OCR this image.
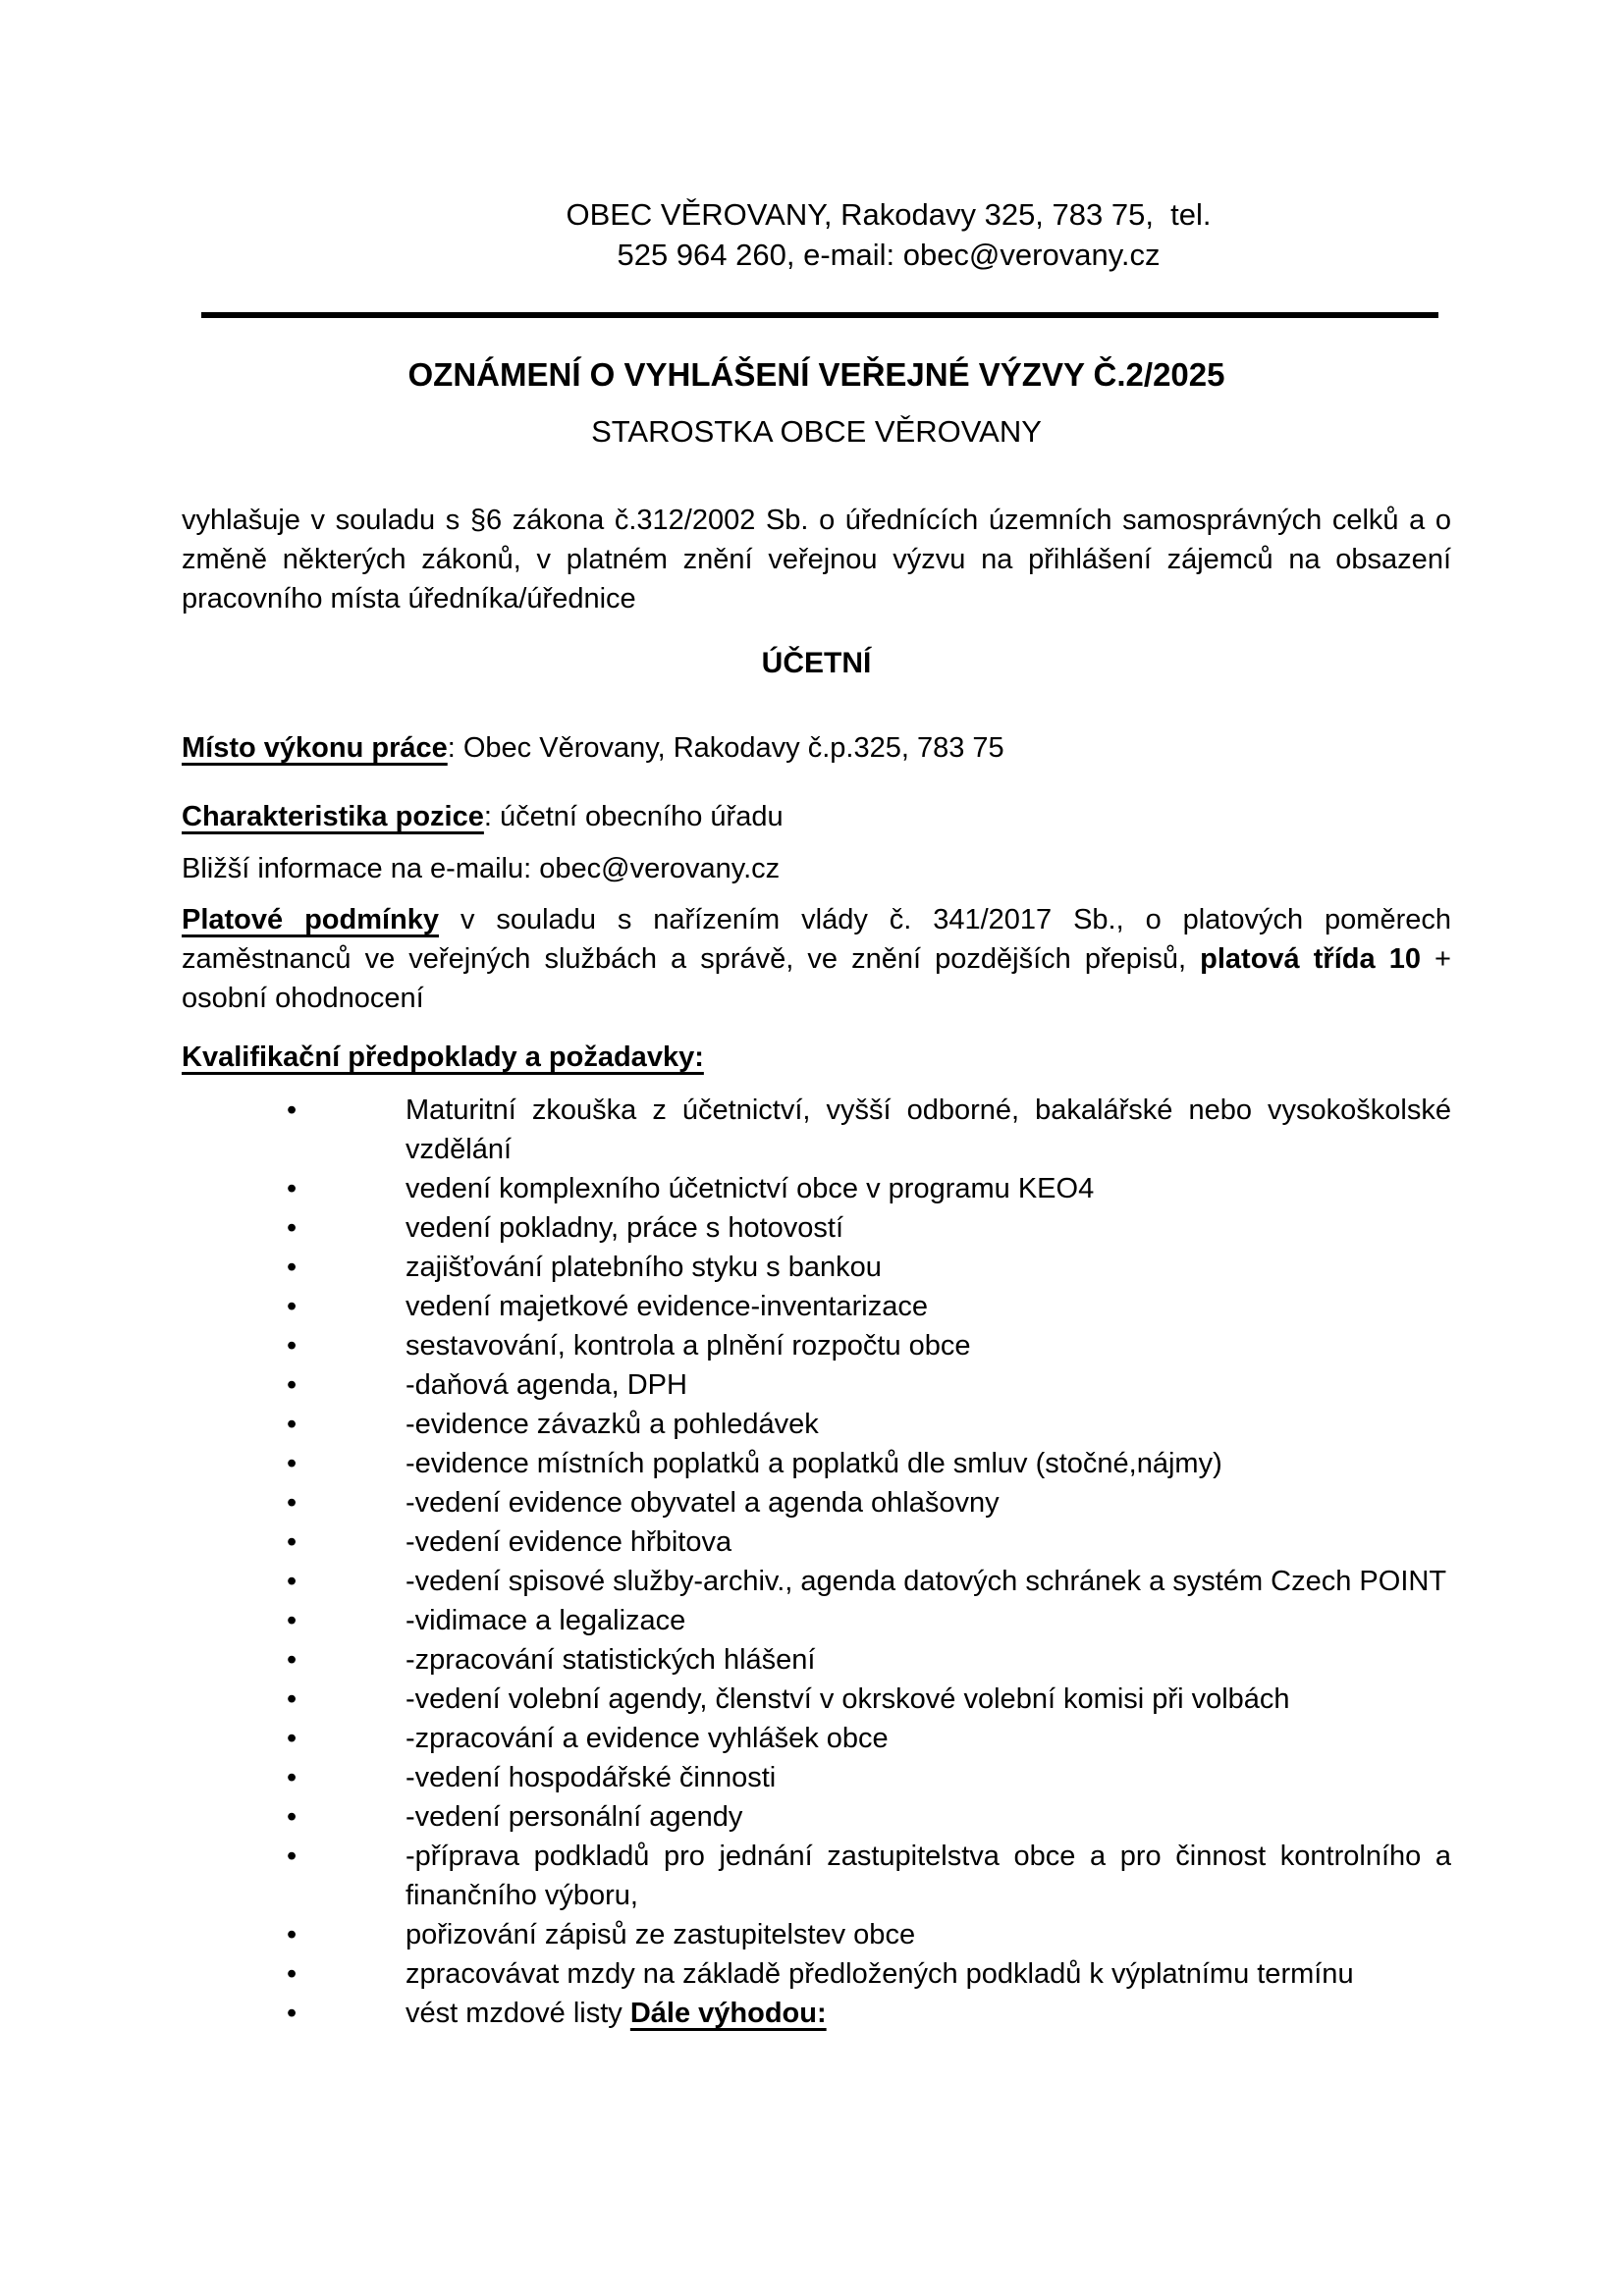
OBEC VĚROVANY, Rakodavy 325, 783 75,  tel.
525 964 260, e-mail: obec@verovany.cz
OZNÁMENÍ O VYHLÁŠENÍ VEŘEJNÉ VÝZVY Č.2/2025
STAROSTKA OBCE VĚROVANY

vyhlašuje v souladu s §6 zákona č.312/2002 Sb. o úřednících územních samosprávných celků a o změně některých zákonů, v platném znění veřejnou výzvu na přihlášení zájemců na obsazení pracovního místa úředníka/úřednice

ÚČETNÍ

Místo výkonu práce: Obec Věrovany, Rakodavy č.p.325, 783 75

Charakteristika pozice: účetní obecního úřadu

Bližší informace na e-mailu: obec@verovany.cz

Platové podmínky v souladu s nařízením vlády č. 341/2017 Sb., o platových poměrech zaměstnanců ve veřejných službách a správě, ve znění pozdějších přepisů, platová třída 10 + osobní ohodnocení

Kvalifikační předpoklady a požadavky:

•	Maturitní zkouška z účetnictví, vyšší odborné, bakalářské nebo vysokoškolské vzdělání
•	vedení komplexního účetnictví obce v programu KEO4
•	vedení pokladny, práce s hotovostí
•	zajišťování platebního styku s bankou
•	vedení majetkové evidence-inventarizace
•	sestavování, kontrola a plnění rozpočtu obce
•	-daňová agenda, DPH
•	-evidence závazků a pohledávek
•	-evidence místních poplatků a poplatků dle smluv (stočné,nájmy)
•	-vedení evidence obyvatel a agenda ohlašovny
•	-vedení evidence hřbitova
•	-vedení spisové služby-archiv., agenda datových schránek a systém Czech POINT
•	-vidimace a legalizace
•	-zpracování statistických hlášení
•	-vedení volební agendy, členství v okrskové volební komisi při volbách
•	-zpracování a evidence vyhlášek obce
•	-vedení hospodářské činnosti
•	-vedení personální agendy
•	-příprava podkladů pro jednání zastupitelstva obce a pro činnost kontrolního a finančního výboru,
•	pořizování zápisů ze zastupitelstev obce
•	zpracovávat mzdy na základě předložených podkladů k výplatnímu termínu
•	vést mzdové listy Dále výhodou:
